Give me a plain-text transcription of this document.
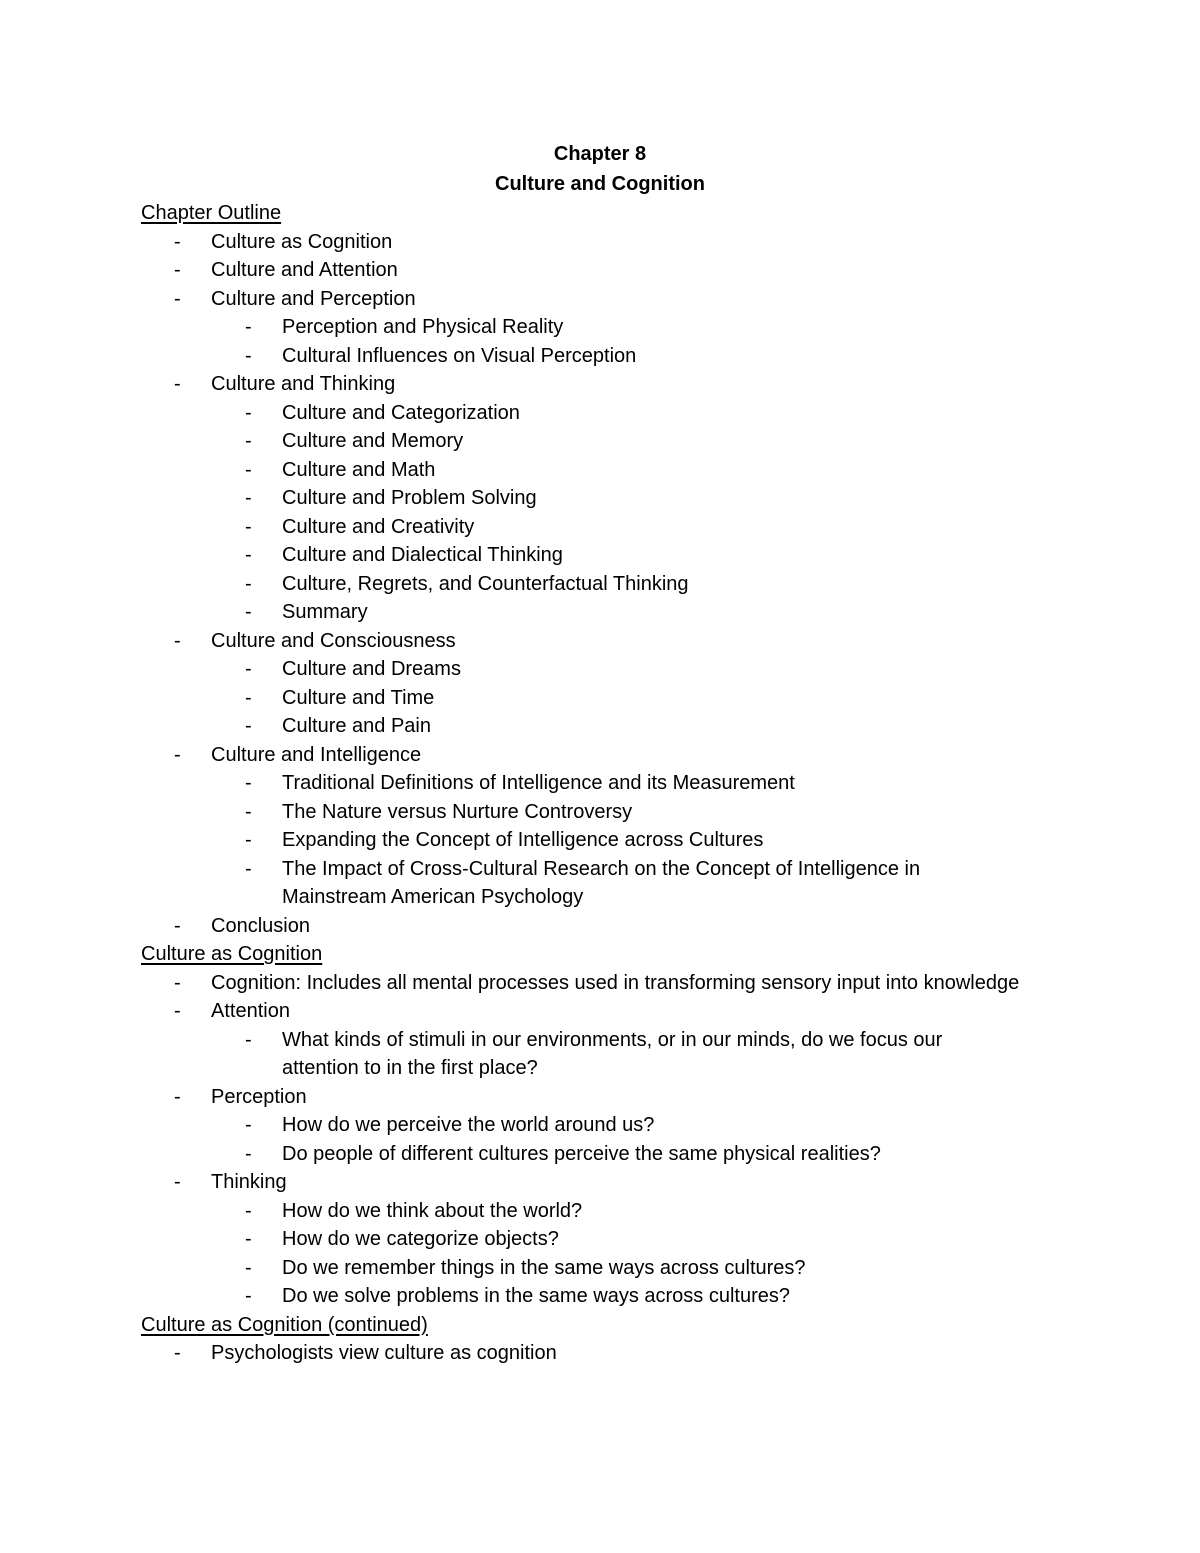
Chapter 8

Culture and Cognition

Chapter Outline

- Culture as Cognition
- Culture and Attention
- Culture and Perception
- Perception and Physical Reality
- Cultural Influences on Visual Perception
- Culture and Thinking
- Culture and Categorization
- Culture and Memory
- Culture and Math
- Culture and Problem Solving
- Culture and Creativity
- Culture and Dialectical Thinking
- Culture, Regrets, and Counterfactual Thinking
- Summary
- Culture and Consciousness
- Culture and Dreams
- Culture and Time
- Culture and Pain
- Culture and Intelligence
- Traditional Definitions of Intelligence and its Measurement
- The Nature versus Nurture Controversy
- Expanding the Concept of Intelligence across Cultures
- The Impact of Cross-Cultural Research on the Concept of Intelligence in Mainstream American Psychology
- Conclusion

Culture as Cognition

- Cognition: Includes all mental processes used in transforming sensory input into knowledge
- Attention
- What kinds of stimuli in our environments, or in our minds, do we focus our attention to in the first place?
- Perception
- How do we perceive the world around us?
- Do people of different cultures perceive the same physical realities?
- Thinking
- How do we think about the world?
- How do we categorize objects?
- Do we remember things in the same ways across cultures?
- Do we solve problems in the same ways across cultures?

Culture as Cognition (continued)

- Psychologists view culture as cognition
